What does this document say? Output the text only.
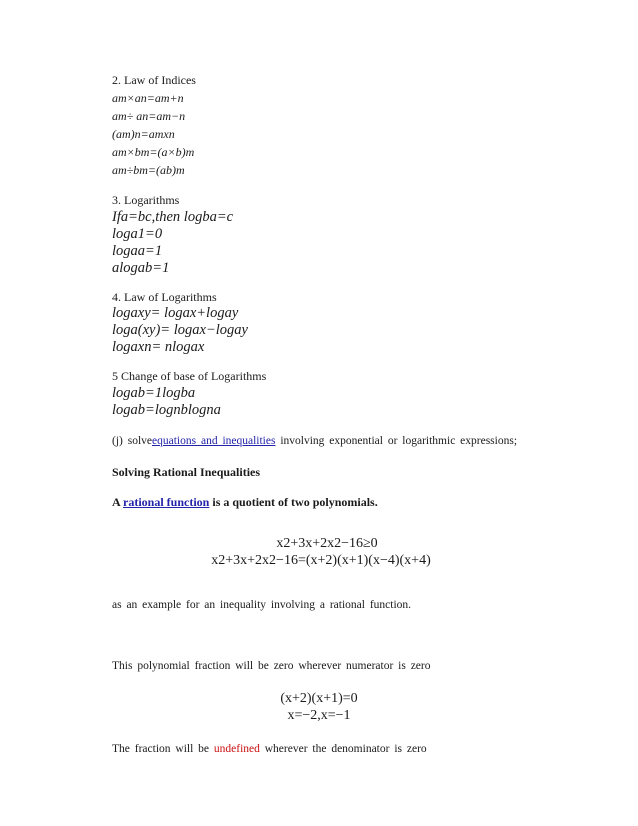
2. Law of Indices
am×an=am+n
am÷ an=am−n
(am)n=amxn
am×bm=(a×b)m
am÷bm=(ab)m
3. Logarithms
Ifa=bc,then logba=c
loga1=0
logaa=1
alogab=1
4. Law of Logarithms
logaxy= logax+logay
loga(xy)= logax−logay
logaxn= nlogax
5 Change of base of Logarithms
logab=1logba
logab=lognblogna
(j) solveequations and inequalities involving exponential or logarithmic expressions;
Solving Rational Inequalities
A rational function is a quotient of two polynomials.
x2+3x+2x2−16≥0
x2+3x+2x2−16=(x+2)(x+1)(x−4)(x+4)
as an example for an inequality involving a rational function.
This polynomial fraction will be zero wherever numerator is zero
(x+2)(x+1)=0
x=−2,x=−1
The fraction will be undefined wherever the denominator is zero
